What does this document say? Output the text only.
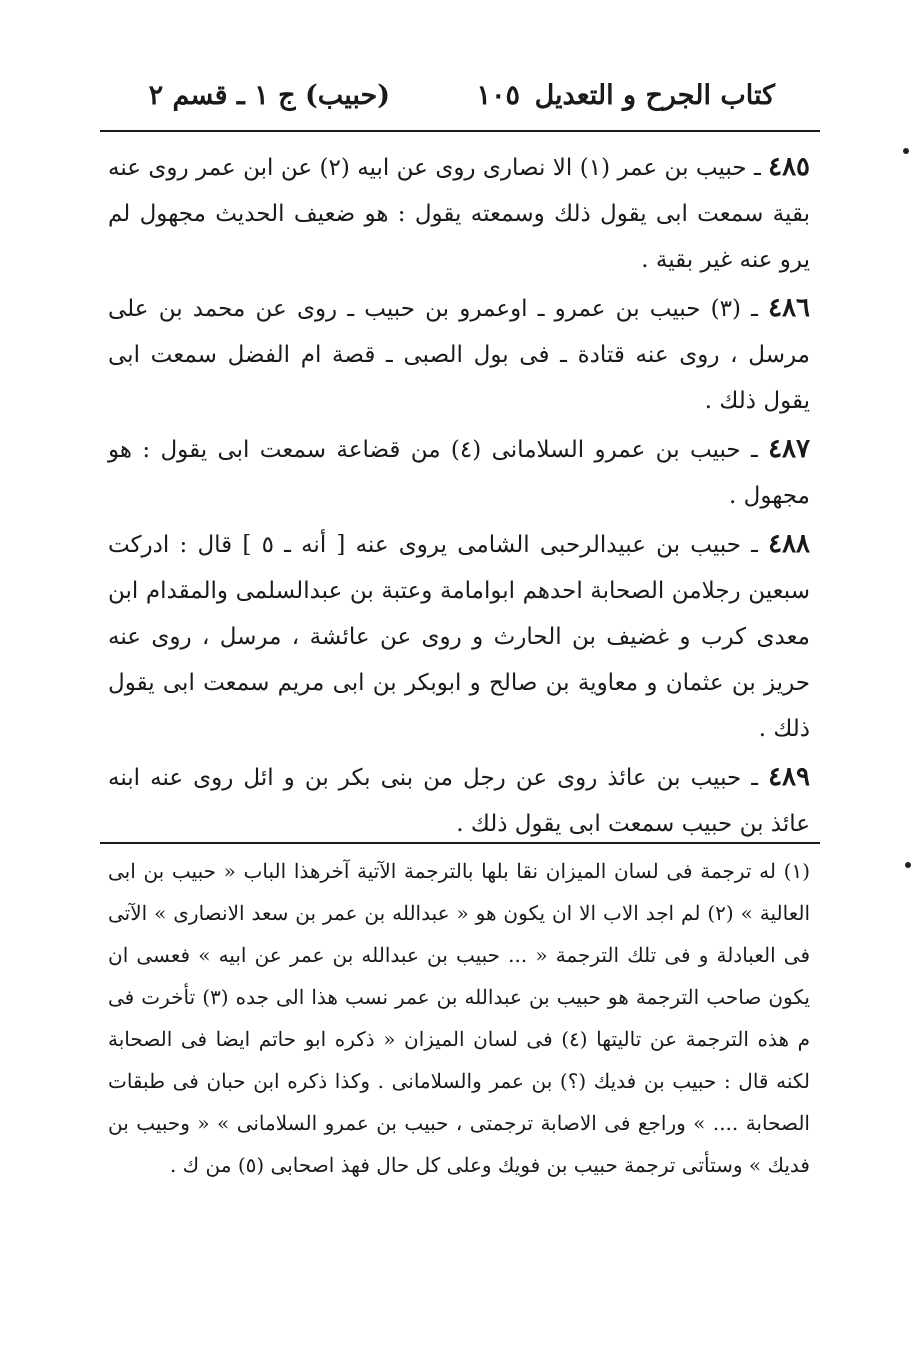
كتاب الجرح و التعديل
١٠٥
(حبيب) ج ١ ـ قسم ٢

٤٨٥ ـ حبيب بن عمر (١) الا نصارى روى عن ابيه (٢) عن ابن عمر روى عنه بقية سمعت ابى يقول ذلك وسمعته يقول : هو ضعيف الحديث مجهول لم يرو عنه غير بقية .

٤٨٦ ـ (٣) حبيب بن عمرو ـ اوعمرو بن حبيب ـ روى عن محمد بن على مرسل ، روى عنه قتادة ـ فى بول الصبى ـ قصة ام الفضل سمعت ابى يقول ذلك .

٤٨٧ ـ حبيب بن عمرو السلامانى (٤) من قضاعة سمعت ابى يقول : هو مجهول .

٤٨٨ ـ حبيب بن عبيدالرحبى الشامى يروى عنه [ أنه ـ ٥ ] قال : ادركت سبعين رجلامن الصحابة احدهم ابوامامة وعتبة بن عبدالسلمى والمقدام ابن معدى كرب و غضيف بن الحارث و روى عن عائشة ، مرسل ، روى عنه حريز بن عثمان و معاوية بن صالح و ابوبكر بن ابى مريم سمعت ابى يقول ذلك .

٤٨٩ ـ حبيب بن عائذ روى عن رجل من بنى بكر بن و ائل روى عنه ابنه عائذ بن حبيب سمعت ابى يقول ذلك .

(١) له ترجمة فى لسان الميزان نقا بلها بالترجمة الآتية آخرهذا الباب « حبيب بن ابى العالية » (٢) لم اجد الاب الا ان يكون هو « عبدالله بن عمر بن سعد الانصارى » الآتى فى العبادلة و فى تلك الترجمة « ... حبيب بن عبدالله بن عمر عن ابيه » فعسى ان يكون صاحب الترجمة هو حبيب بن عبدالله بن عمر نسب هذا الى جده (٣) تأخرت فى م هذه الترجمة عن تاليتها (٤) فى لسان الميزان « ذكره ابو حاتم ايضا فى الصحابة لكنه قال : حبيب بن فديك (؟) بن عمر والسلامانى . وكذا ذكره ابن حبان فى طبقات الصحابة .... » وراجع فى الاصابة ترجمتى ، حبيب بن عمرو السلامانى » « وحبيب بن فديك » وستأتى ترجمة حبيب بن فويك وعلى كل حال فهذ اصحابى (٥) من ك .
